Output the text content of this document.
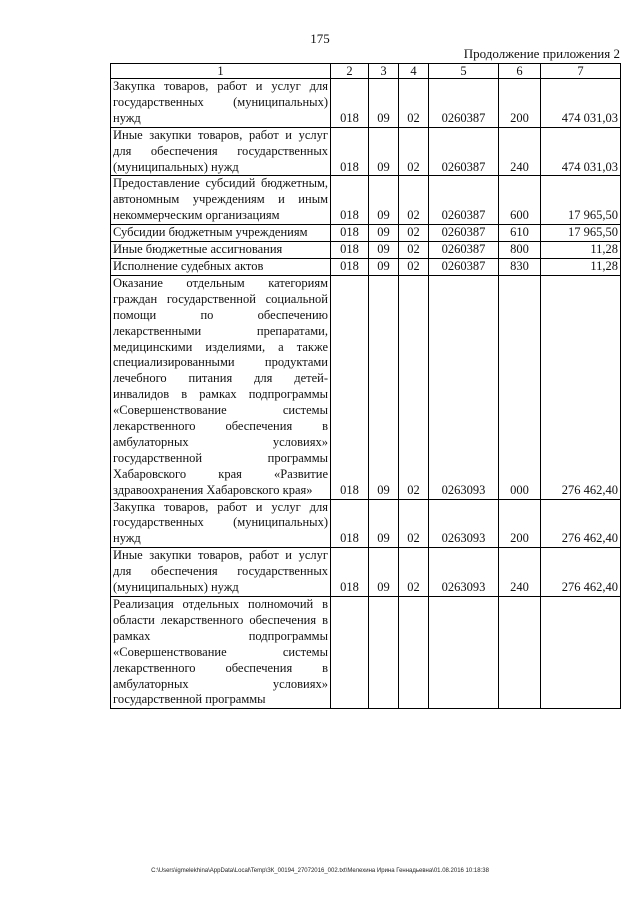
175
Продолжение приложения 2
1	2	3	4	5	6	7
Закупка товаров, работ и услуг для государственных (муниципальных) нужд	018	09	02	0260387	200	474 031,03
Иные закупки товаров, работ и услуг для обеспечения государственных (муниципальных) нужд	018	09	02	0260387	240	474 031,03
Предоставление субсидий бюджетным, автономным учреждениям и иным некоммерческим организациям	018	09	02	0260387	600	17 965,50
Субсидии бюджетным учреждениям	018	09	02	0260387	610	17 965,50
Иные бюджетные ассигнования	018	09	02	0260387	800	11,28
Исполнение судебных актов	018	09	02	0260387	830	11,28
Оказание отдельным категориям граждан государственной социальной помощи по обеспечению лекарственными препаратами, медицинскими изделиями, а также специализированными продуктами лечебного питания для детей-инвалидов в рамках подпрограммы «Совершенствование системы лекарственного обеспечения в амбулаторных условиях» государственной программы Хабаровского края «Развитие здравоохранения Хабаровского края»	018	09	02	0263093	000	276 462,40
Закупка товаров, работ и услуг для государственных (муниципальных) нужд	018	09	02	0263093	200	276 462,40
Иные закупки товаров, работ и услуг для обеспечения государственных (муниципальных) нужд	018	09	02	0263093	240	276 462,40
Реализация отдельных полномочий в области лекарственного обеспечения в рамках подпрограммы «Совершенствование системы лекарственного обеспечения в амбулаторных условиях» государственной программы						
C:\Users\igmelekhina\AppData\Local\Temp\ЗК_00194_27072016_002.txt\Мелехина Ирина Геннадьевна\01.08.2016 10:18:38
